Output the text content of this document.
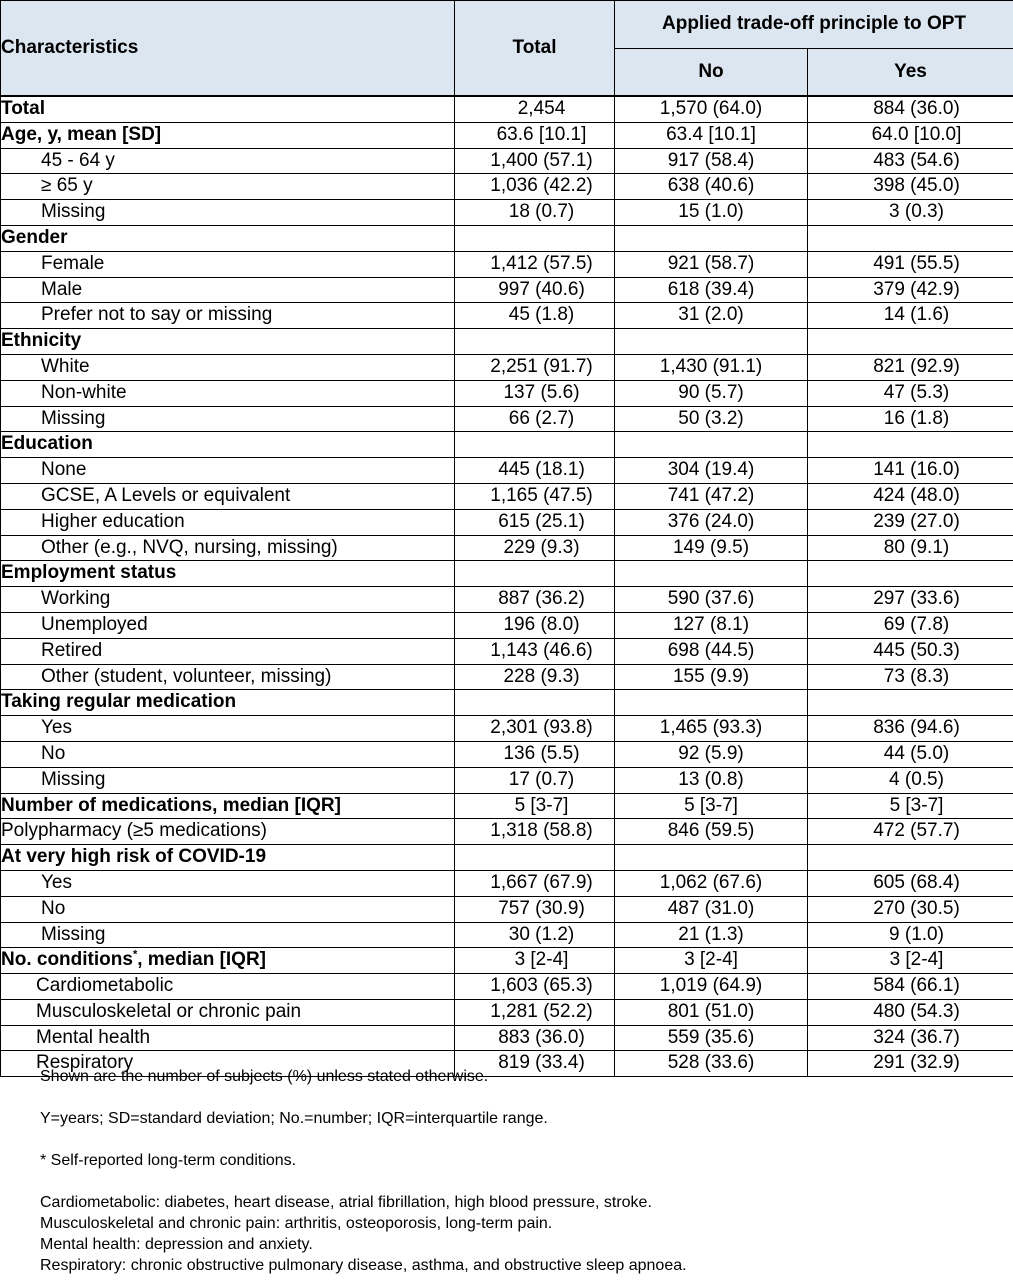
Characteristics	Total	Applied trade-off principle to OPT	
		No	Yes
Total	2,454	1,570 (64.0)	884 (36.0)
Age, y, mean [SD]	63.6 [10.1]	63.4 [10.1]	64.0 [10.0]
45 - 64 y	1,400 (57.1)	917 (58.4)	483 (54.6)
≥ 65 y	1,036 (42.2)	638 (40.6)	398 (45.0)
Missing	18 (0.7)	15 (1.0)	3 (0.3)
Gender			
Female	1,412 (57.5)	921 (58.7)	491 (55.5)
Male	997 (40.6)	618 (39.4)	379 (42.9)
Prefer not to say or missing	45 (1.8)	31 (2.0)	14 (1.6)
Ethnicity			
White	2,251 (91.7)	1,430 (91.1)	821 (92.9)
Non-white	137 (5.6)	90 (5.7)	47 (5.3)
Missing	66 (2.7)	50 (3.2)	16 (1.8)
Education			
None	445 (18.1)	304 (19.4)	141 (16.0)
GCSE, A Levels or equivalent	1,165 (47.5)	741 (47.2)	424 (48.0)
Higher education	615 (25.1)	376 (24.0)	239 (27.0)
Other (e.g., NVQ, nursing, missing)	229 (9.3)	149 (9.5)	80 (9.1)
Employment status			
Working	887 (36.2)	590 (37.6)	297 (33.6)
Unemployed	196 (8.0)	127 (8.1)	69 (7.8)
Retired	1,143 (46.6)	698 (44.5)	445 (50.3)
Other (student, volunteer, missing)	228 (9.3)	155 (9.9)	73 (8.3)
Taking regular medication			
Yes	2,301 (93.8)	1,465 (93.3)	836 (94.6)
No	136 (5.5)	92 (5.9)	44 (5.0)
Missing	17 (0.7)	13 (0.8)	4 (0.5)
Number of medications, median [IQR]	5 [3-7]	5 [3-7]	5 [3-7]
Polypharmacy (≥5 medications)	1,318 (58.8)	846 (59.5)	472 (57.7)
At very high risk of COVID-19			
Yes	1,667 (67.9)	1,062 (67.6)	605 (68.4)
No	757 (30.9)	487 (31.0)	270 (30.5)
Missing	30 (1.2)	21 (1.3)	9 (1.0)
No. conditions*, median [IQR]	3 [2-4]	3 [2-4]	3 [2-4]
Cardiometabolic	1,603 (65.3)	1,019 (64.9)	584 (66.1)
Musculoskeletal or chronic pain	1,281 (52.2)	801 (51.0)	480 (54.3)
Mental health	883 (36.0)	559 (35.6)	324 (36.7)
Respiratory	819 (33.4)	528 (33.6)	291 (32.9)

Shown are the number of subjects (%) unless stated otherwise.

Y=years; SD=standard deviation; No.=number; IQR=interquartile range.

* Self-reported long-term conditions.

Cardiometabolic: diabetes, heart disease, atrial fibrillation, high blood pressure, stroke.

Musculoskeletal and chronic pain: arthritis, osteoporosis, long-term pain.

Mental health: depression and anxiety.

Respiratory: chronic obstructive pulmonary disease, asthma, and obstructive sleep apnoea.
